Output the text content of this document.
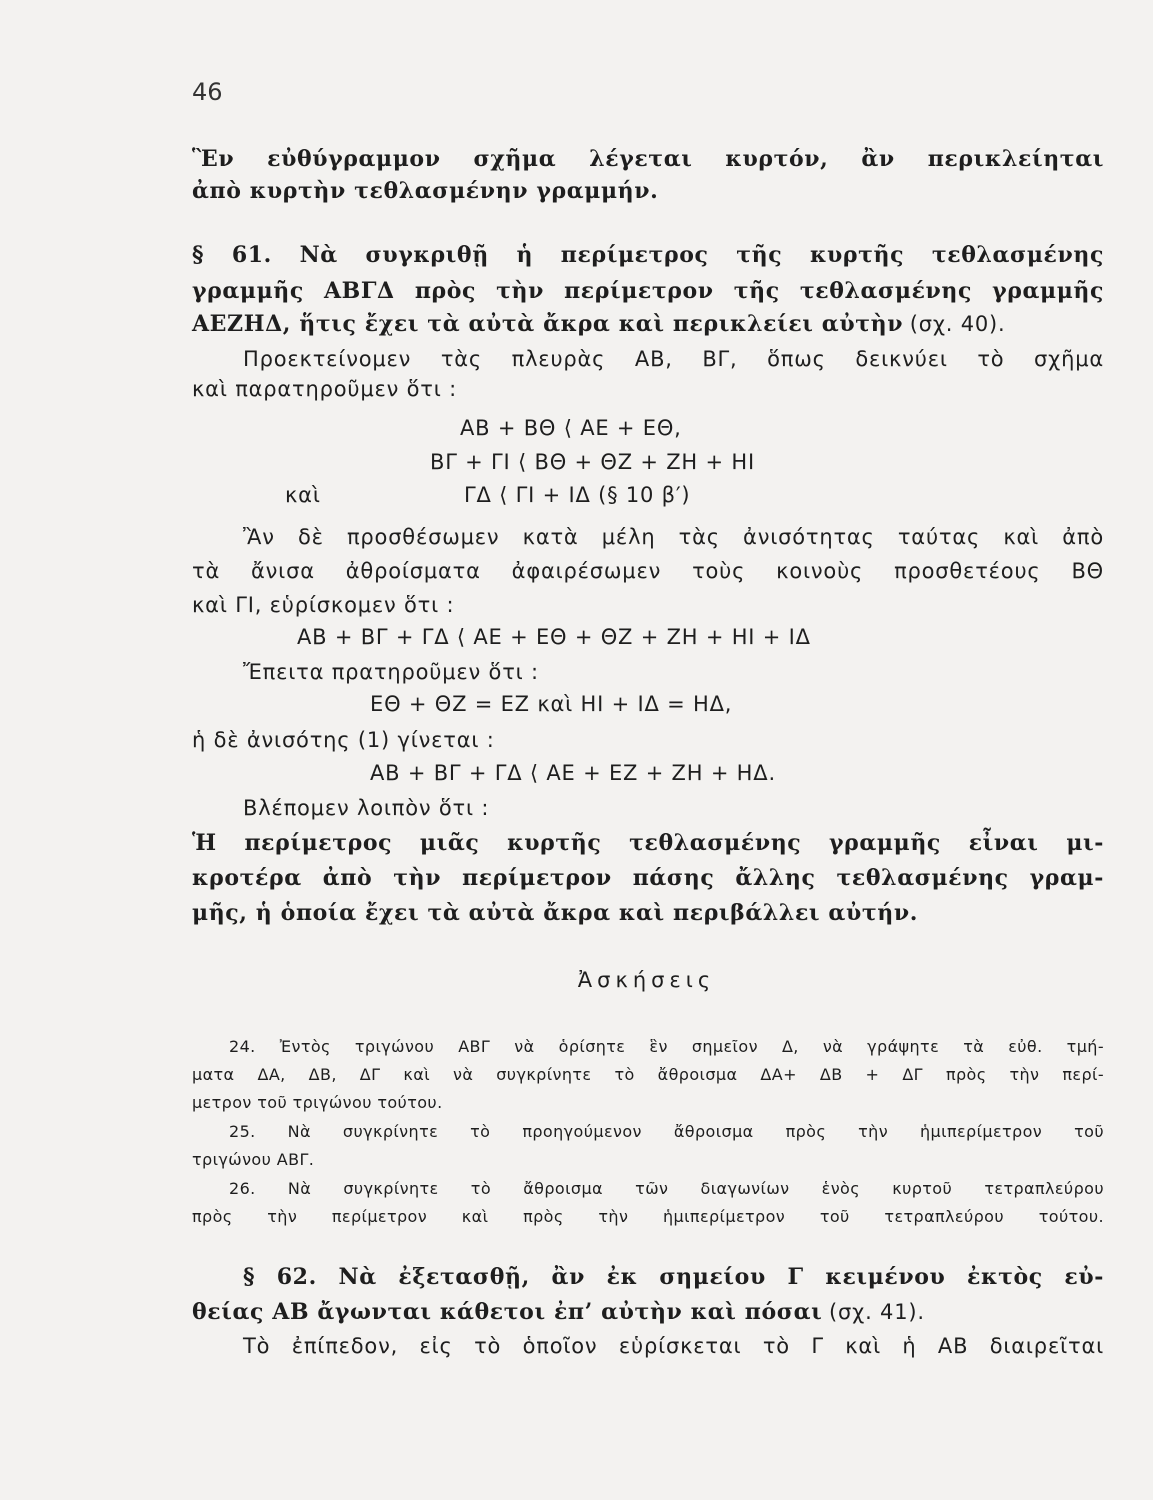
46
Ἓν εὐθύγραμμον σχῆμα λέγεται κυρτόν, ἂν περικλείηται
ἀπὸ κυρτὴν τεθλασμένην γραμμήν.
§ 61. Νὰ συγκριθῇ ἡ περίμετρος τῆς κυρτῆς τεθλασμένης
γραμμῆς ΑΒΓΔ πρὸς τὴν περίμετρον τῆς τεθλασμένης γραμμῆς
ΑΕΖΗΔ, ἥτις ἔχει τὰ αὐτὰ ἄκρα καὶ περικλείει αὐτὴν (σχ. 40).
Προεκτείνομεν τὰς πλευρὰς ΑΒ, ΒΓ, ὅπως δεικνύει τὸ σχῆμα
καὶ παρατηροῦμεν ὅτι :
ΑΒ + ΒΘ ⟨ ΑΕ + ΕΘ,
ΒΓ + ΓΙ ⟨ ΒΘ + ΘΖ + ΖΗ + ΗΙ
καὶ	ΓΔ ⟨ ΓΙ + ΙΔ (§ 10 β′)
Ἂν δὲ προσθέσωμεν κατὰ μέλη τὰς ἀνισότητας ταύτας καὶ ἀπὸ
τὰ ἄνισα ἀθροίσματα ἀφαιρέσωμεν τοὺς κοινοὺς προσθετέους ΒΘ
καὶ ΓΙ, εὑρίσκομεν ὅτι :
ΑΒ + ΒΓ + ΓΔ ⟨ ΑΕ + ΕΘ + ΘΖ + ΖΗ + ΗΙ + ΙΔ
Ἔπειτα πρατηροῦμεν ὅτι :
ΕΘ + ΘΖ = ΕΖ καὶ ΗΙ + ΙΔ = ΗΔ,
ἡ δὲ ἀνισότης (1) γίνεται :
ΑΒ + ΒΓ + ΓΔ ⟨ ΑΕ + ΕΖ + ΖΗ + ΗΔ.
Βλέπομεν λοιπὸν ὅτι :
Ἡ περίμετρος μιᾶς κυρτῆς τεθλασμένης γραμμῆς εἶναι μι-
κροτέρα ἀπὸ τὴν περίμετρον πάσης ἄλλης τεθλασμένης γραμ-
μῆς, ἡ ὁποία ἔχει τὰ αὐτὰ ἄκρα καὶ περιβάλλει αὐτήν.
Ἀσκήσεις
24. Ἐντὸς τριγώνου ΑΒΓ νὰ ὁρίσητε ἓν σημεῖον Δ, νὰ γράψητε τὰ εὐθ. τμή-
ματα ΔΑ, ΔΒ, ΔΓ καὶ νὰ συγκρίνητε τὸ ἄθροισμα ΔΑ+ ΔΒ + ΔΓ πρὸς τὴν περί-
μετρον τοῦ τριγώνου τούτου.
25. Νὰ συγκρίνητε τὸ προηγούμενον ἄθροισμα πρὸς τὴν ἡμιπερίμετρον τοῦ
τριγώνου ΑΒΓ.
26. Νὰ συγκρίνητε τὸ ἄθροισμα τῶν διαγωνίων ἑνὸς κυρτοῦ τετραπλεύρου
πρὸς τὴν περίμετρον καὶ πρὸς τὴν ἡμιπερίμετρον τοῦ τετραπλεύρου τούτου.
§ 62. Νὰ ἐξετασθῇ, ἂν ἐκ σημείου Γ κειμένου ἐκτὸς εὐ-
θείας ΑΒ ἄγωνται κάθετοι ἐπ’ αὐτὴν καὶ πόσαι (σχ. 41).
Τὸ ἐπίπεδον, εἰς τὸ ὁποῖον εὑρίσκεται τὸ Γ καὶ ἡ ΑΒ διαιρεῖται
